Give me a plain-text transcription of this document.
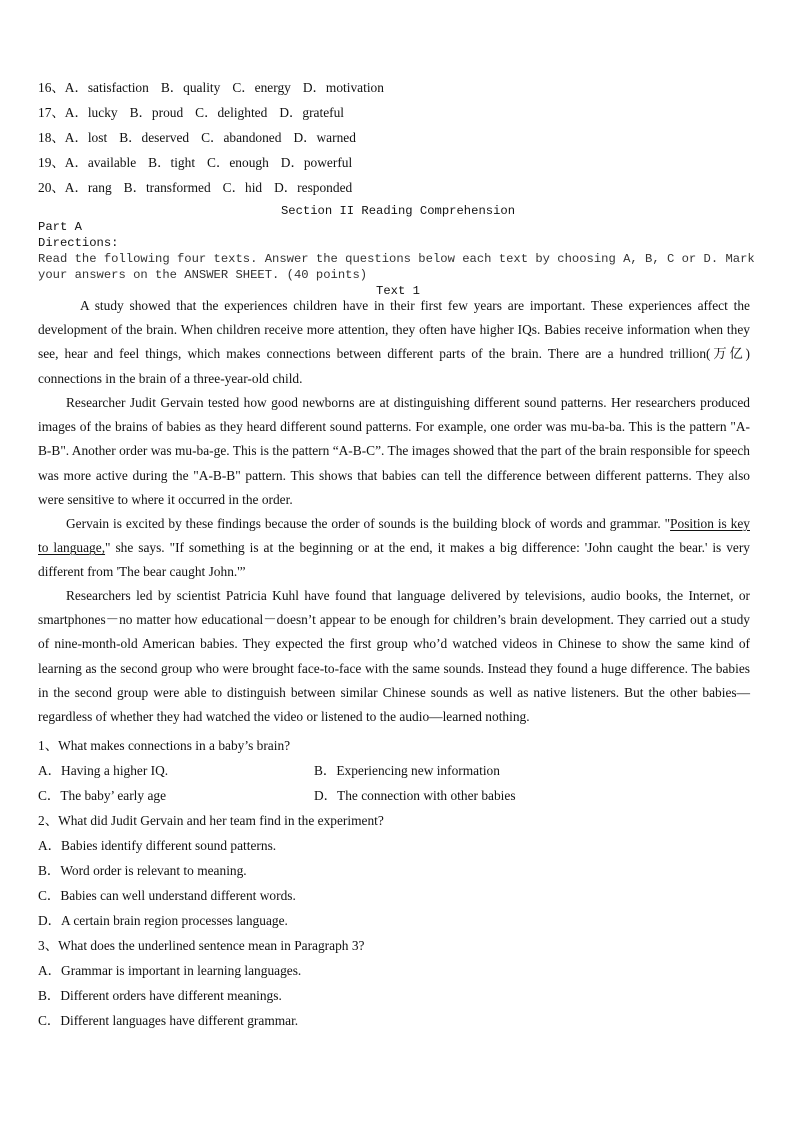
16、A．satisfaction B．quality C．energy D．motivation
17、A．lucky B．proud C．delighted D．grateful
18、A．lost B．deserved C．abandoned D．warned
19、A．available B．tight C．enough D．powerful
20、A．rang B．transformed C．hid D．responded
Section II Reading Comprehension
Part A
Directions:
Read the following four texts. Answer the questions below each text by choosing A, B, C or D. Mark
your answers on the ANSWER SHEET. (40 points)
Text 1
A study showed that the experiences children have in their first few years are important. These experiences affect the development of the brain. When children receive more attention, they often have higher IQs. Babies receive information when they see, hear and feel things, which makes connections between different parts of the brain. There are a hundred trillion(万亿) connections in the brain of a three-year-old child.
Researcher Judit Gervain tested how good newborns are at distinguishing different sound patterns. Her researchers produced images of the brains of babies as they heard different sound patterns. For example, one order was mu-ba-ba. This is the pattern "A-B-B". Another order was mu-ba-ge. This is the pattern “A-B-C”. The images showed that the part of the brain responsible for speech was more active during the "A-B-B" pattern. This shows that babies can tell the difference between different patterns. They also were sensitive to where it occurred in the order.
Gervain is excited by these findings because the order of sounds is the building block of words and grammar. "Position is key to language," she says. "If something is at the beginning or at the end, it makes a big difference: 'John caught the bear.' is very different from 'The bear caught John.'”
Researchers led by scientist Patricia Kuhl have found that language delivered by televisions, audio books, the Internet, or smartphones－no matter how educational－doesn’t appear to be enough for children’s brain development. They carried out a study of nine-month-old American babies. They expected the first group who’d watched videos in Chinese to show the same kind of learning as the second group who were brought face-to-face with the same sounds. Instead they found a huge difference. The babies in the second group were able to distinguish between similar Chinese sounds as well as native listeners. But the other babies—regardless of whether they had watched the video or listened to the audio—learned nothing.
1、What makes connections in a baby’s brain?
A．Having a higher IQ.	B．Experiencing new information
C．The baby’ early age	D．The connection with other babies
2、What did Judit Gervain and her team find in the experiment?
A．Babies identify different sound patterns.
B．Word order is relevant to meaning.
C．Babies can well understand different words.
D．A certain brain region processes language.
3、What does the underlined sentence mean in Paragraph 3?
A．Grammar is important in learning languages.
B．Different orders have different meanings.
C．Different languages have different grammar.
